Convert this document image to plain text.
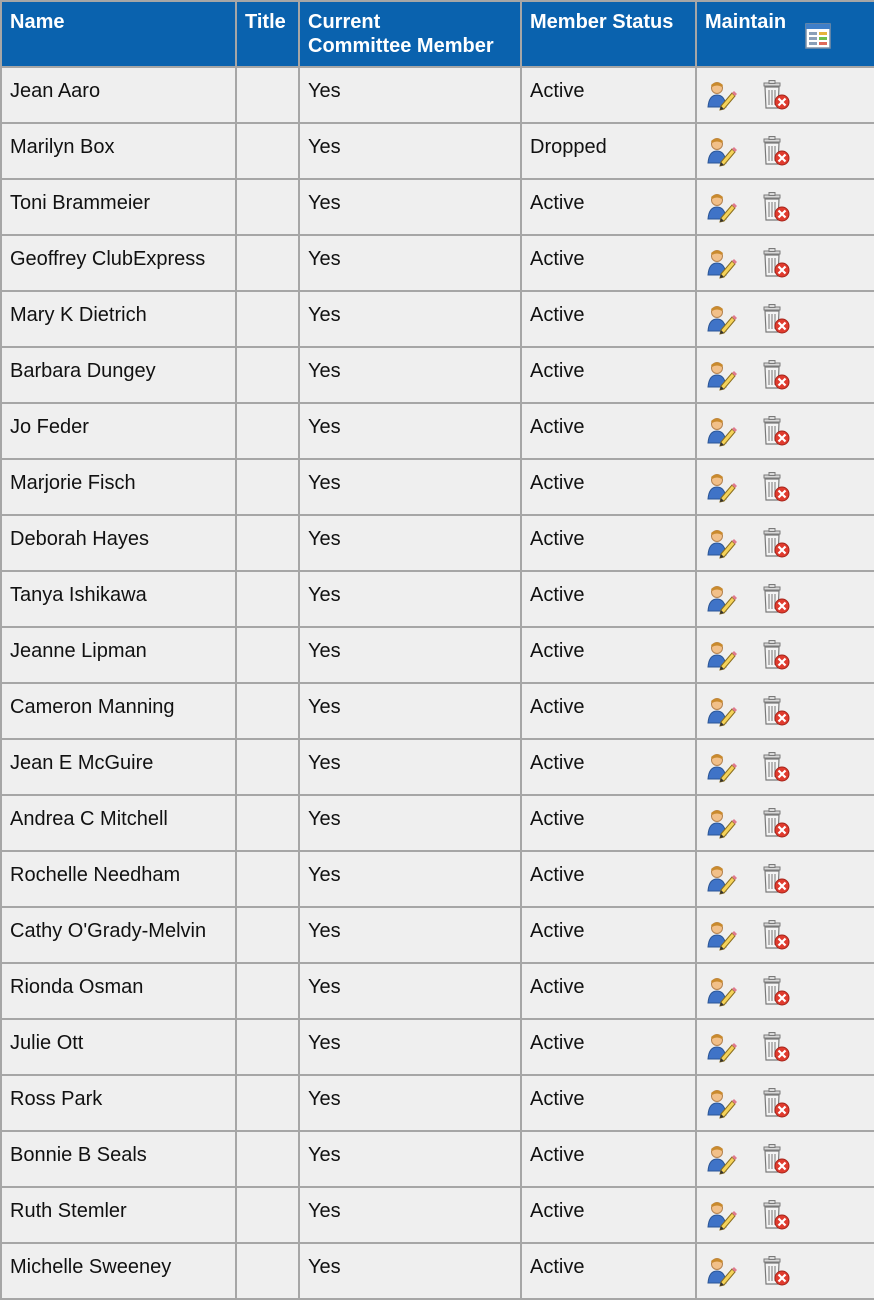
Name	Title	Current
Committee Member	Member Status	Maintain

Jean Aaro		Yes	Active	
Marilyn Box		Yes	Dropped	
Toni Brammeier		Yes	Active	
Geoffrey ClubExpress		Yes	Active	
Mary K Dietrich		Yes	Active	
Barbara Dungey		Yes	Active	
Jo Feder		Yes	Active	
Marjorie Fisch		Yes	Active	
Deborah Hayes		Yes	Active	
Tanya Ishikawa		Yes	Active	
Jeanne Lipman		Yes	Active	
Cameron Manning		Yes	Active	
Jean E McGuire		Yes	Active	
Andrea C Mitchell		Yes	Active	
Rochelle Needham		Yes	Active	
Cathy O'Grady-Melvin		Yes	Active	
Rionda Osman		Yes	Active	
Julie Ott		Yes	Active	
Ross Park		Yes	Active	
Bonnie B Seals		Yes	Active	
Ruth Stemler		Yes	Active	
Michelle Sweeney		Yes	Active	
